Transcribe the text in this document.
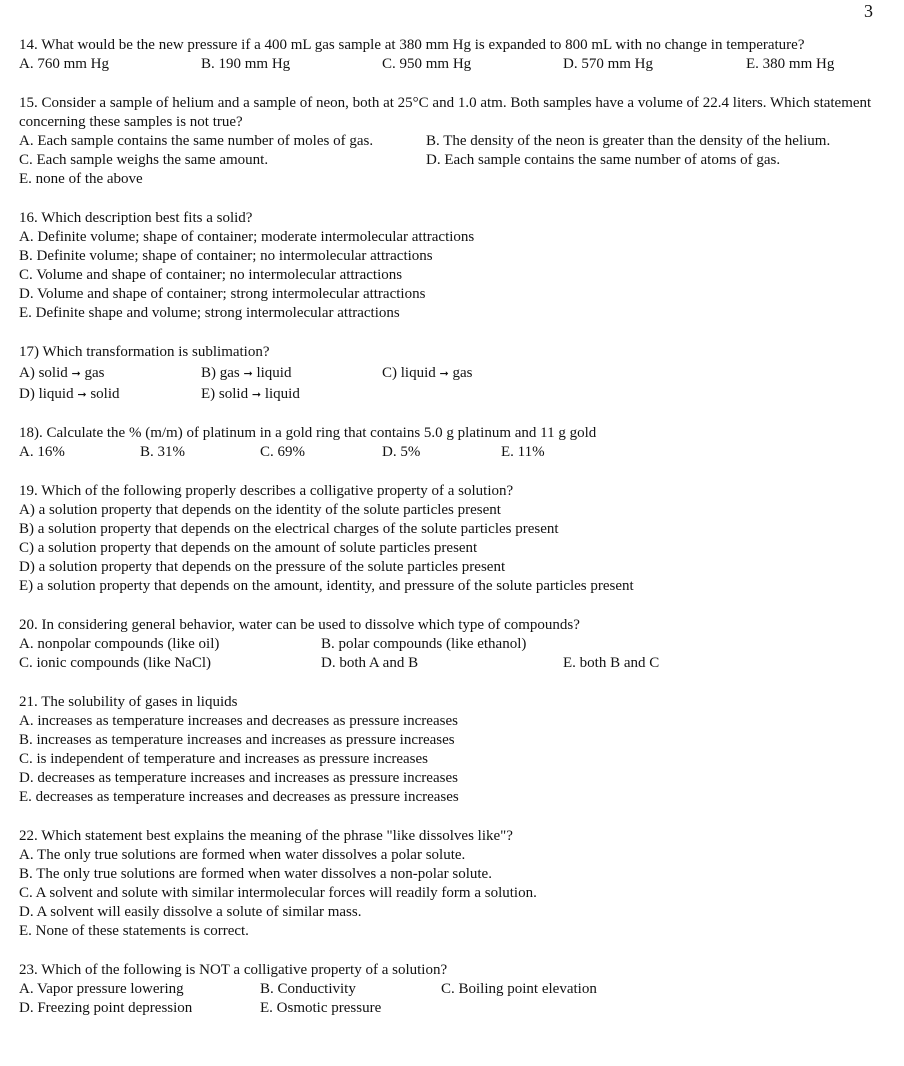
3
14. What would be the new pressure if a 400 mL gas sample at 380 mm Hg is expanded to 800 mL with no change in temperature?
A. 760 mm Hg	B. 190 mm Hg	C. 950 mm Hg	D. 570 mm Hg	E. 380 mm Hg
15. Consider a sample of helium and a sample of neon, both at 25°C and 1.0 atm. Both samples have a volume of 22.4 liters. Which statement concerning these samples is not true?
A. Each sample contains the same number of moles of gas.	B. The density of the neon is greater than the density of the helium.
C. Each sample weighs the same amount.	D. Each sample contains the same number of atoms of gas.
E. none of the above
16. Which description best fits a solid?
A. Definite volume; shape of container; moderate intermolecular attractions
B. Definite volume; shape of container; no intermolecular attractions
C. Volume and shape of container; no intermolecular attractions
D. Volume and shape of container; strong intermolecular attractions
E. Definite shape and volume; strong intermolecular attractions
17) Which transformation is sublimation?
A) solid ➞ gas	B) gas ➞ liquid	C) liquid ➞ gas
D) liquid ➞ solid	E) solid ➞ liquid
18). Calculate the % (m/m) of platinum in a gold ring that contains 5.0 g platinum and 11 g gold
A. 16%	B. 31%	C. 69%	D. 5%	E. 11%
19. Which of the following properly describes a colligative property of a solution?
A) a solution property that depends on the identity of the solute particles present
B) a solution property that depends on the electrical charges of the solute particles present
C) a solution property that depends on the amount of solute particles present
D) a solution property that depends on the pressure of the solute particles present
E) a solution property that depends on the amount, identity, and pressure of the solute particles present
20. In considering general behavior, water can be used to dissolve which type of compounds?
A. nonpolar compounds (like oil)	B. polar compounds (like ethanol)
C. ionic compounds (like NaCl)	D. both A and B	E. both B and C
21. The solubility of gases in liquids
A. increases as temperature increases and decreases as pressure increases
B. increases as temperature increases and increases as pressure increases
C. is independent of temperature and increases as pressure increases
D. decreases as temperature increases and increases as pressure increases
E. decreases as temperature increases and decreases as pressure increases
22. Which statement best explains the meaning of the phrase "like dissolves like"?
A. The only true solutions are formed when water dissolves a polar solute.
B. The only true solutions are formed when water dissolves a non-polar solute.
C. A solvent and solute with similar intermolecular forces will readily form a solution.
D. A solvent will easily dissolve a solute of similar mass.
E. None of these statements is correct.
23. Which of the following is NOT a colligative property of a solution?
A. Vapor pressure lowering	B. Conductivity	C. Boiling point elevation
D. Freezing point depression	E. Osmotic pressure
